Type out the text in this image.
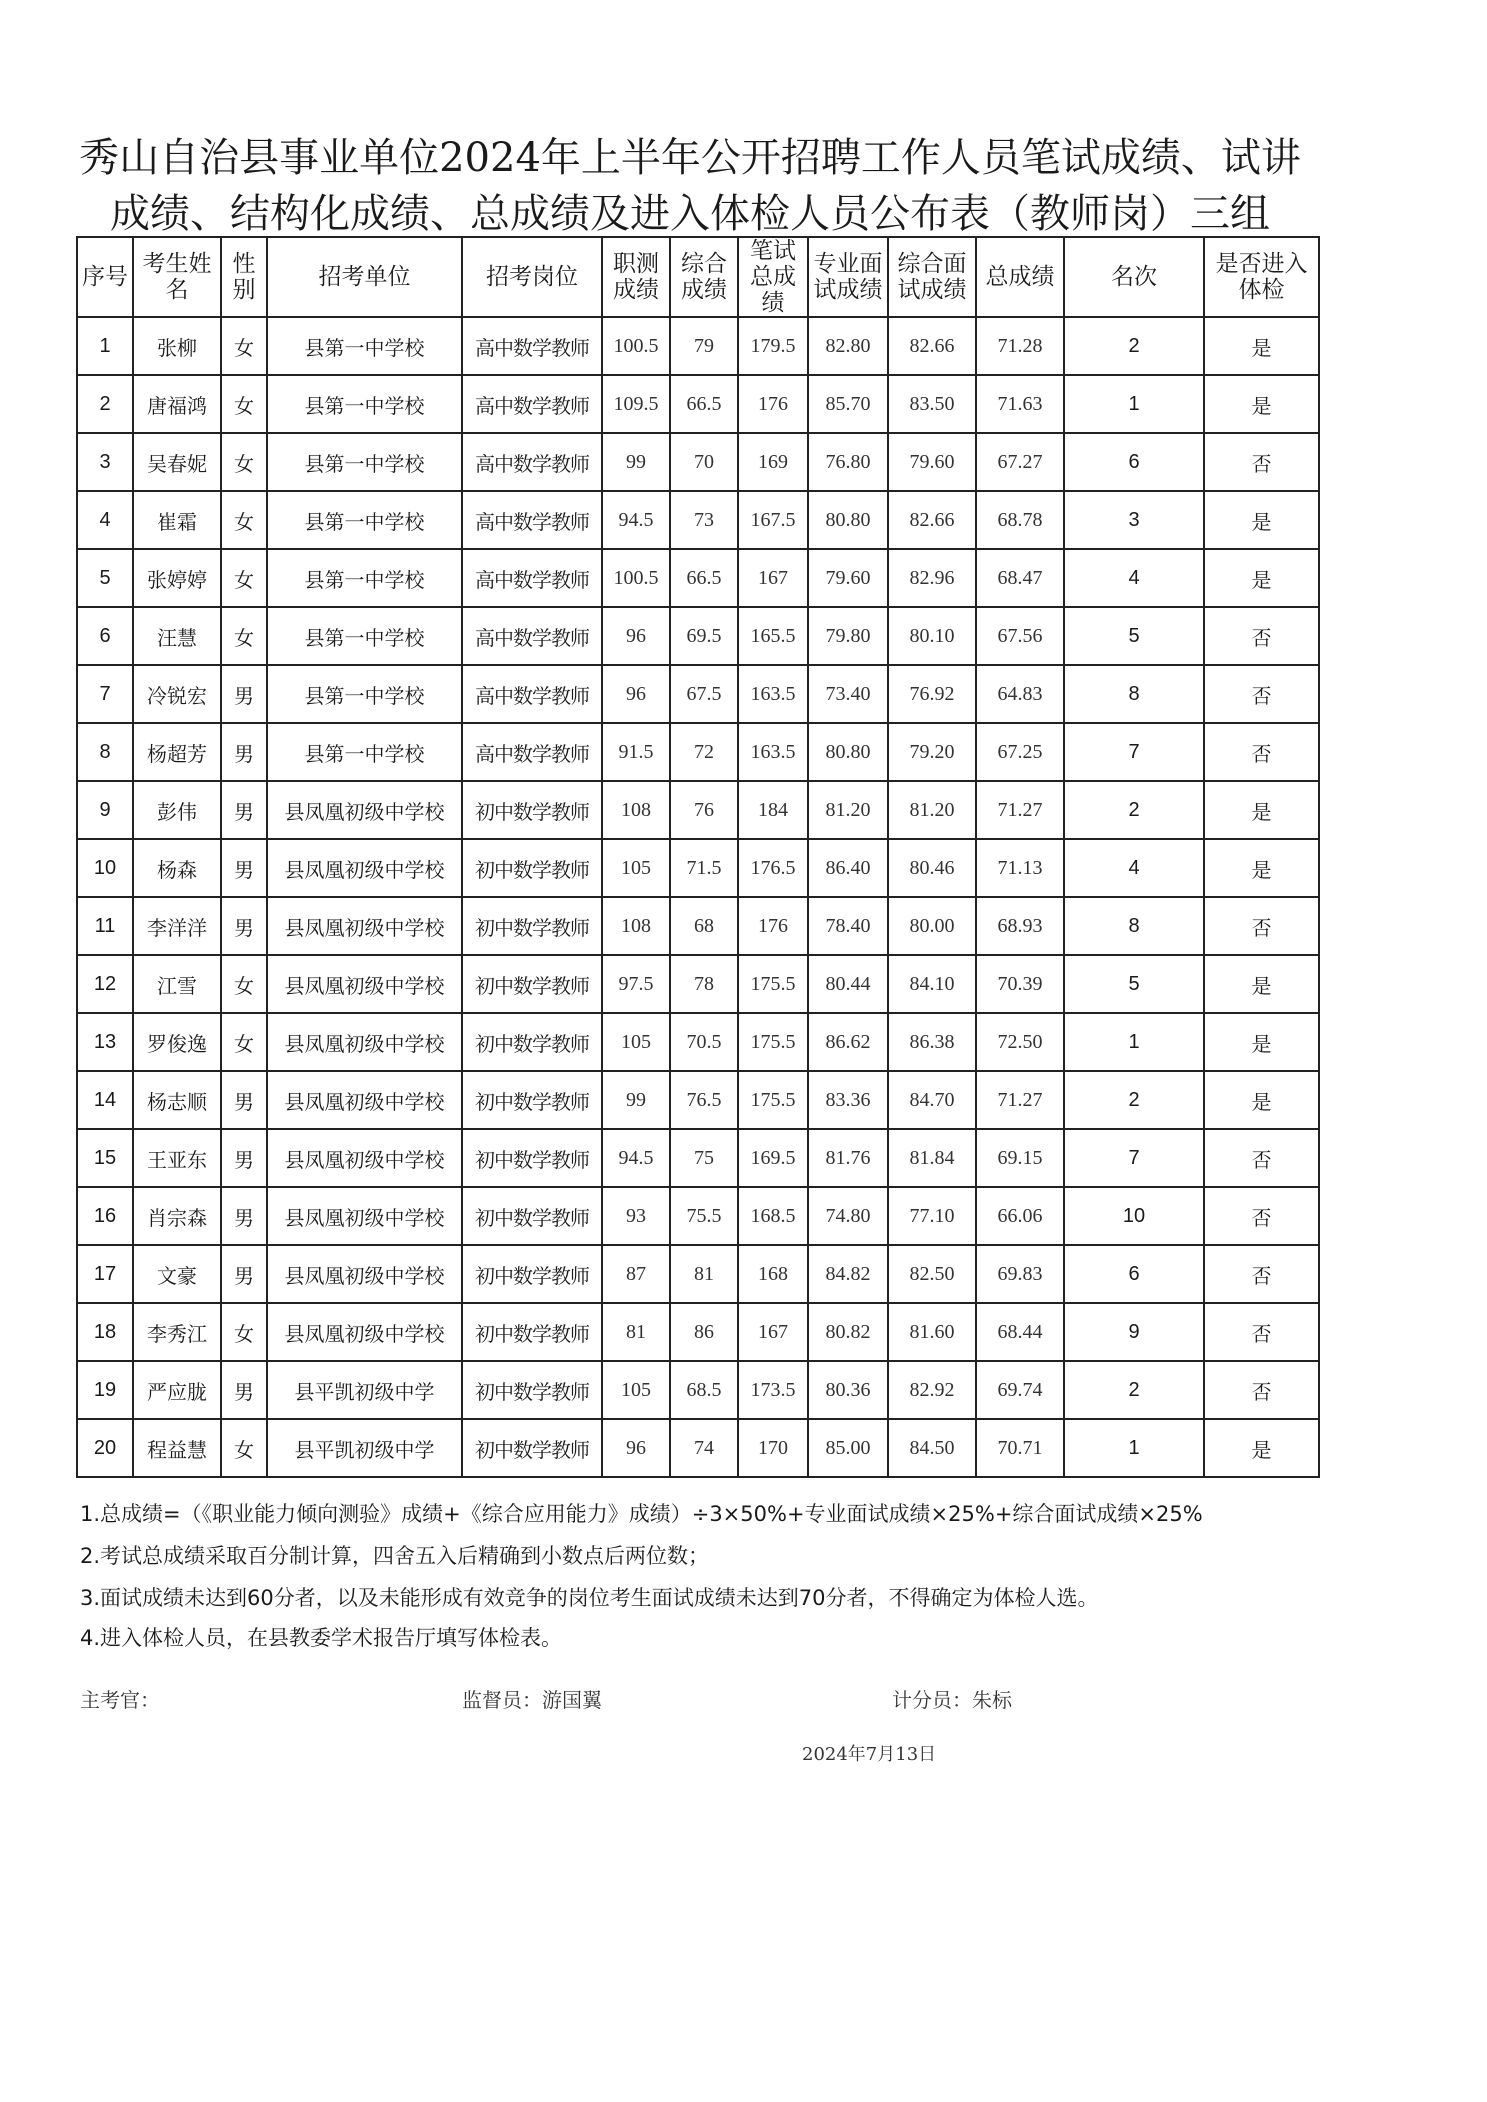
秀山自治县事业单位2024年上半年公开招聘工作人员笔试成绩、试讲
成绩、结构化成绩、总成绩及进入体检人员公布表（教师岗）三组
序号	考生姓名	性别	招考单位	招考岗位	职测成绩	综合成绩	笔试总成绩	专业面试成绩	综合面试成绩	总成绩	名次	是否进入体检
1	张柳	女	县第一中学校	高中数学教师	100.5	79	179.5	82.80	82.66	71.28	2	是
2	唐福鸿	女	县第一中学校	高中数学教师	109.5	66.5	176	85.70	83.50	71.63	1	是
3	吴春妮	女	县第一中学校	高中数学教师	99	70	169	76.80	79.60	67.27	6	否
4	崔霜	女	县第一中学校	高中数学教师	94.5	73	167.5	80.80	82.66	68.78	3	是
5	张婷婷	女	县第一中学校	高中数学教师	100.5	66.5	167	79.60	82.96	68.47	4	是
6	汪慧	女	县第一中学校	高中数学教师	96	69.5	165.5	79.80	80.10	67.56	5	否
7	冷锐宏	男	县第一中学校	高中数学教师	96	67.5	163.5	73.40	76.92	64.83	8	否
8	杨超芳	男	县第一中学校	高中数学教师	91.5	72	163.5	80.80	79.20	67.25	7	否
9	彭伟	男	县凤凰初级中学校	初中数学教师	108	76	184	81.20	81.20	71.27	2	是
10	杨森	男	县凤凰初级中学校	初中数学教师	105	71.5	176.5	86.40	80.46	71.13	4	是
11	李洋洋	男	县凤凰初级中学校	初中数学教师	108	68	176	78.40	80.00	68.93	8	否
12	江雪	女	县凤凰初级中学校	初中数学教师	97.5	78	175.5	80.44	84.10	70.39	5	是
13	罗俊逸	女	县凤凰初级中学校	初中数学教师	105	70.5	175.5	86.62	86.38	72.50	1	是
14	杨志顺	男	县凤凰初级中学校	初中数学教师	99	76.5	175.5	83.36	84.70	71.27	2	是
15	王亚东	男	县凤凰初级中学校	初中数学教师	94.5	75	169.5	81.76	81.84	69.15	7	否
16	肖宗森	男	县凤凰初级中学校	初中数学教师	93	75.5	168.5	74.80	77.10	66.06	10	否
17	文豪	男	县凤凰初级中学校	初中数学教师	87	81	168	84.82	82.50	69.83	6	否
18	李秀江	女	县凤凰初级中学校	初中数学教师	81	86	167	80.82	81.60	68.44	9	否
19	严应胧	男	县平凯初级中学	初中数学教师	105	68.5	173.5	80.36	82.92	69.74	2	否
20	程益慧	女	县平凯初级中学	初中数学教师	96	74	170	85.00	84.50	70.71	1	是
1.总成绩=（《职业能力倾向测验》成绩+《综合应用能力》成绩）÷3×50%+专业面试成绩×25%+综合面试成绩×25%
2.考试总成绩采取百分制计算，四舍五入后精确到小数点后两位数；
3.面试成绩未达到60分者，以及未能形成有效竞争的岗位考生面试成绩未达到70分者，不得确定为体检人选。
4.进入体检人员，在县教委学术报告厅填写体检表。
主考官：	监督员：游国翼	计分员：朱标
2024年7月13日
